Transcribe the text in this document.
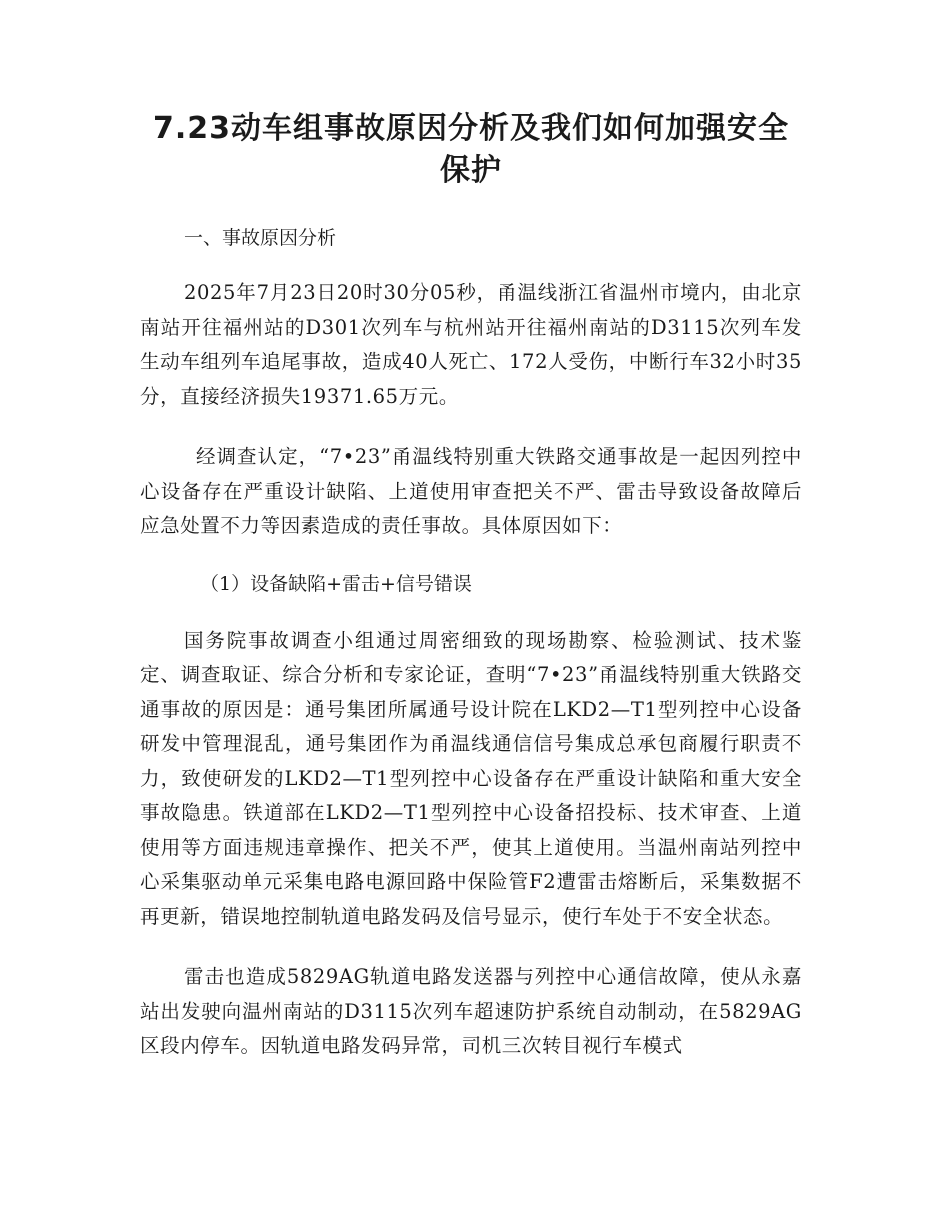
7.23动车组事故原因分析及我们如何加强安全保护

一、事故原因分析

2025年7月23日20时30分05秒，甬温线浙江省温州市境内，由北京南站开往福州站的D301次列车与杭州站开往福州南站的D3115次列车发生动车组列车追尾事故，造成40人死亡、172人受伤，中断行车32小时35分，直接经济损失19371.65万元。

经调查认定，“7•23”甬温线特别重大铁路交通事故是一起因列控中心设备存在严重设计缺陷、上道使用审查把关不严、雷击导致设备故障后应急处置不力等因素造成的责任事故。具体原因如下：

（1）设备缺陷+雷击+信号错误

国务院事故调查小组通过周密细致的现场勘察、检验测试、技术鉴定、调查取证、综合分析和专家论证，查明“7•23”甬温线特别重大铁路交通事故的原因是：通号集团所属通号设计院在LKD2—T1型列控中心设备研发中管理混乱，通号集团作为甬温线通信信号集成总承包商履行职责不力，致使研发的LKD2—T1型列控中心设备存在严重设计缺陷和重大安全事故隐患。铁道部在LKD2—T1型列控中心设备招投标、技术审查、上道使用等方面违规违章操作、把关不严，使其上道使用。当温州南站列控中心采集驱动单元采集电路电源回路中保险管F2遭雷击熔断后，采集数据不再更新，错误地控制轨道电路发码及信号显示，使行车处于不安全状态。

雷击也造成5829AG轨道电路发送器与列控中心通信故障，使从永嘉站出发驶向温州南站的D3115次列车超速防护系统自动制动，在5829AG区段内停车。因轨道电路发码异常，司机三次转目视行车模式
